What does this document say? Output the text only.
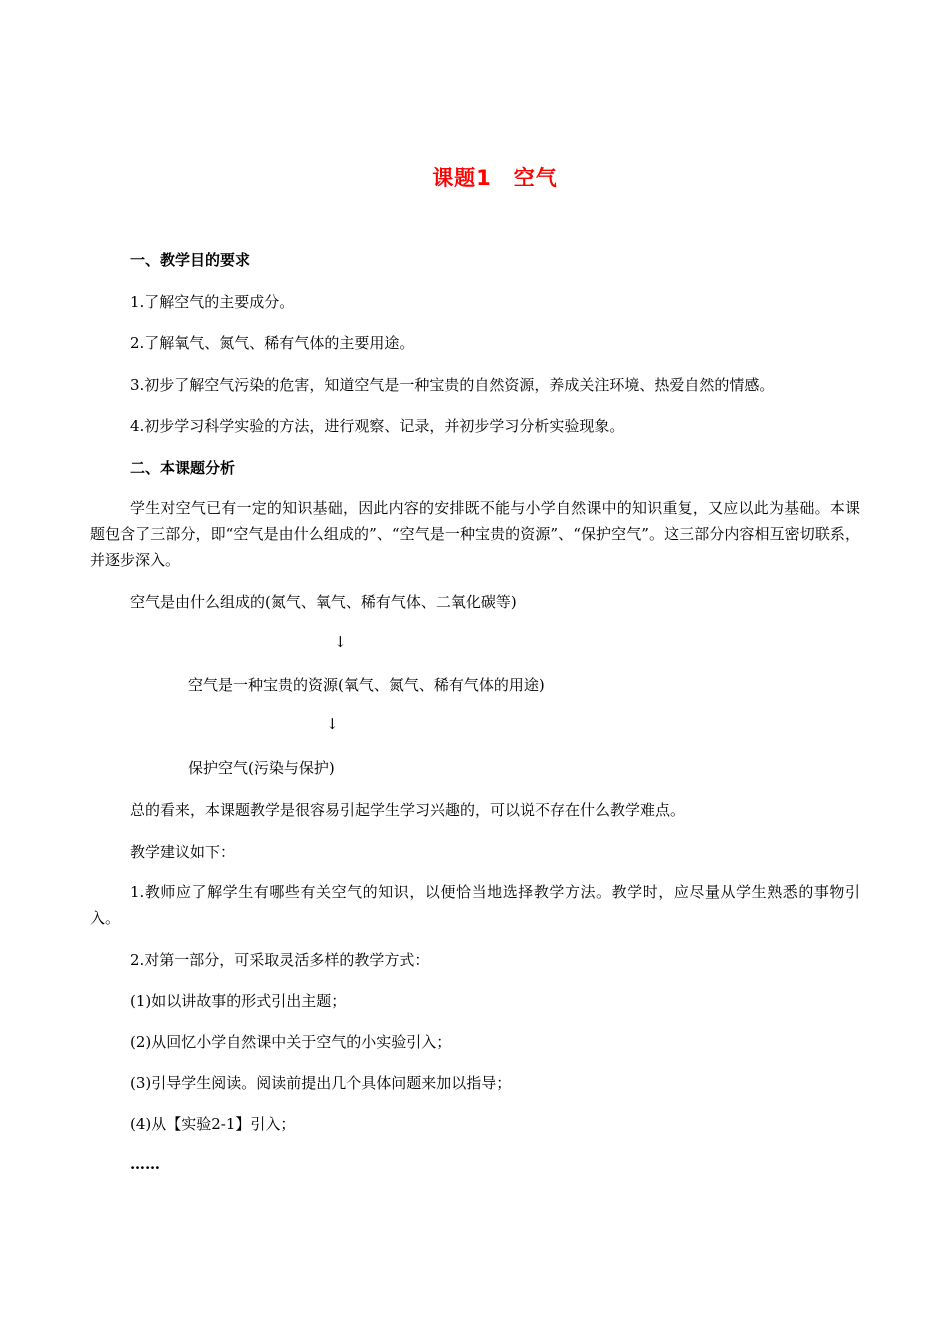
课题1　空气
一、教学目的要求
1.了解空气的主要成分。
2.了解氧气、氮气、稀有气体的主要用途。
3.初步了解空气污染的危害，知道空气是一种宝贵的自然资源，养成关注环境、热爱自然的情感。
4.初步学习科学实验的方法，进行观察、记录，并初步学习分析实验现象。
二、本课题分析
学生对空气已有一定的知识基础，因此内容的安排既不能与小学自然课中的知识重复，又应以此为基础。本课题包含了三部分，即“空气是由什么组成的”、“空气是一种宝贵的资源”、“保护空气”。这三部分内容相互密切联系，并逐步深入。
空气是由什么组成的(氮气、氧气、稀有气体、二氧化碳等)
↓
空气是一种宝贵的资源(氧气、氮气、稀有气体的用途)
↓
保护空气(污染与保护)
总的看来，本课题教学是很容易引起学生学习兴趣的，可以说不存在什么教学难点。
教学建议如下：
1.教师应了解学生有哪些有关空气的知识，以便恰当地选择教学方法。教学时，应尽量从学生熟悉的事物引入。
2.对第一部分，可采取灵活多样的教学方式：
(1)如以讲故事的形式引出主题；
(2)从回忆小学自然课中关于空气的小实验引入；
(3)引导学生阅读。阅读前提出几个具体问题来加以指导；
(4)从【实验2-1】引入；
……
